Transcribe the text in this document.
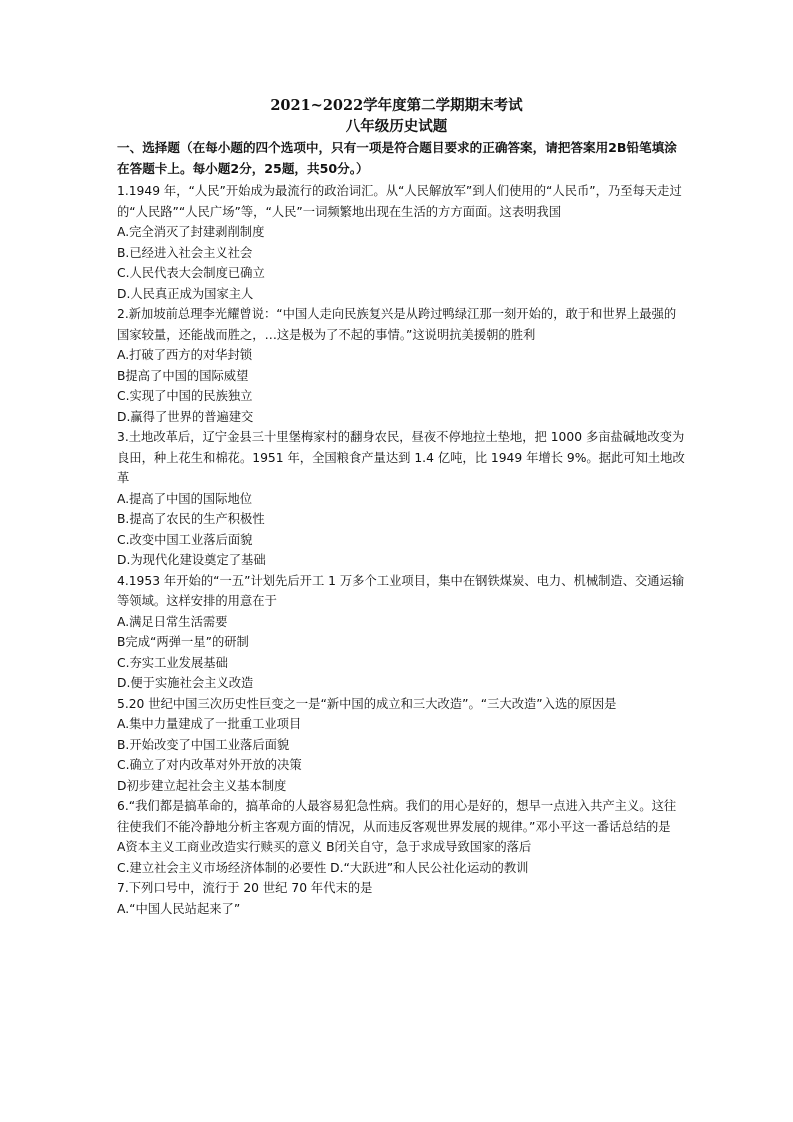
2021~2022学年度第二学期期末考试

八年级历史试题

一、选择题（在每小题的四个选项中，只有一项是符合题目要求的正确答案，请把答案用2B铅笔填涂在答题卡上。每小题2分，25题，共50分。）

1.1949 年，“人民”开始成为最流行的政治词汇。从“人民解放军”到人们使用的“人民币”，乃至每天走过的“人民路”“人民广场”等，“人民”一词频繁地出现在生活的方方面面。这表明我国

A.完全消灭了封建剥削制度

B.已经进入社会主义社会

C.人民代表大会制度已确立

D.人民真正成为国家主人

2.新加坡前总理李光耀曾说：“中国人走向民族复兴是从跨过鸭绿江那一刻开始的，敢于和世界上最强的国家较量，还能战而胜之，…这是极为了不起的事情。”这说明抗美援朝的胜利

A.打破了西方的对华封锁

B提高了中国的国际威望

C.实现了中国的民族独立

D.赢得了世界的普遍建交

3.土地改革后，辽宁金县三十里堡梅家村的翻身农民，昼夜不停地拉土垫地，把 1000 多亩盐碱地改变为良田，种上花生和棉花。1951 年，全国粮食产量达到 1.4 亿吨，比 1949 年增长 9%。据此可知土地改革

A.提高了中国的国际地位

B.提高了农民的生产积极性

C.改变中国工业落后面貌

D.为现代化建设奠定了基础

4.1953 年开始的“一五”计划先后开工 1 万多个工业项目，集中在钢铁煤炭、电力、机械制造、交通运输等领域。这样安排的用意在于

A.满足日常生活需要

B完成“两弹一星”的研制

C.夯实工业发展基础

D.便于实施社会主义改造

5.20 世纪中国三次历史性巨变之一是“新中国的成立和三大改造”。“三大改造”入选的原因是

A.集中力量建成了一批重工业项目

B.开始改变了中国工业落后面貌

C.确立了对内改革对外开放的决策

D初步建立起社会主义基本制度

6.“我们都是搞革命的，搞革命的人最容易犯急性病。我们的用心是好的，想早一点进入共产主义。这往往使我们不能冷静地分析主客观方面的情况，从而违反客观世界发展的规律。”邓小平这一番话总结的是

A资本主义工商业改造实行赎买的意义 B闭关自守，急于求成导致国家的落后

C.建立社会主义市场经济体制的必要性 D.“大跃进”和人民公社化运动的教训

7.下列口号中，流行于 20 世纪 70 年代末的是

A.“中国人民站起来了”
